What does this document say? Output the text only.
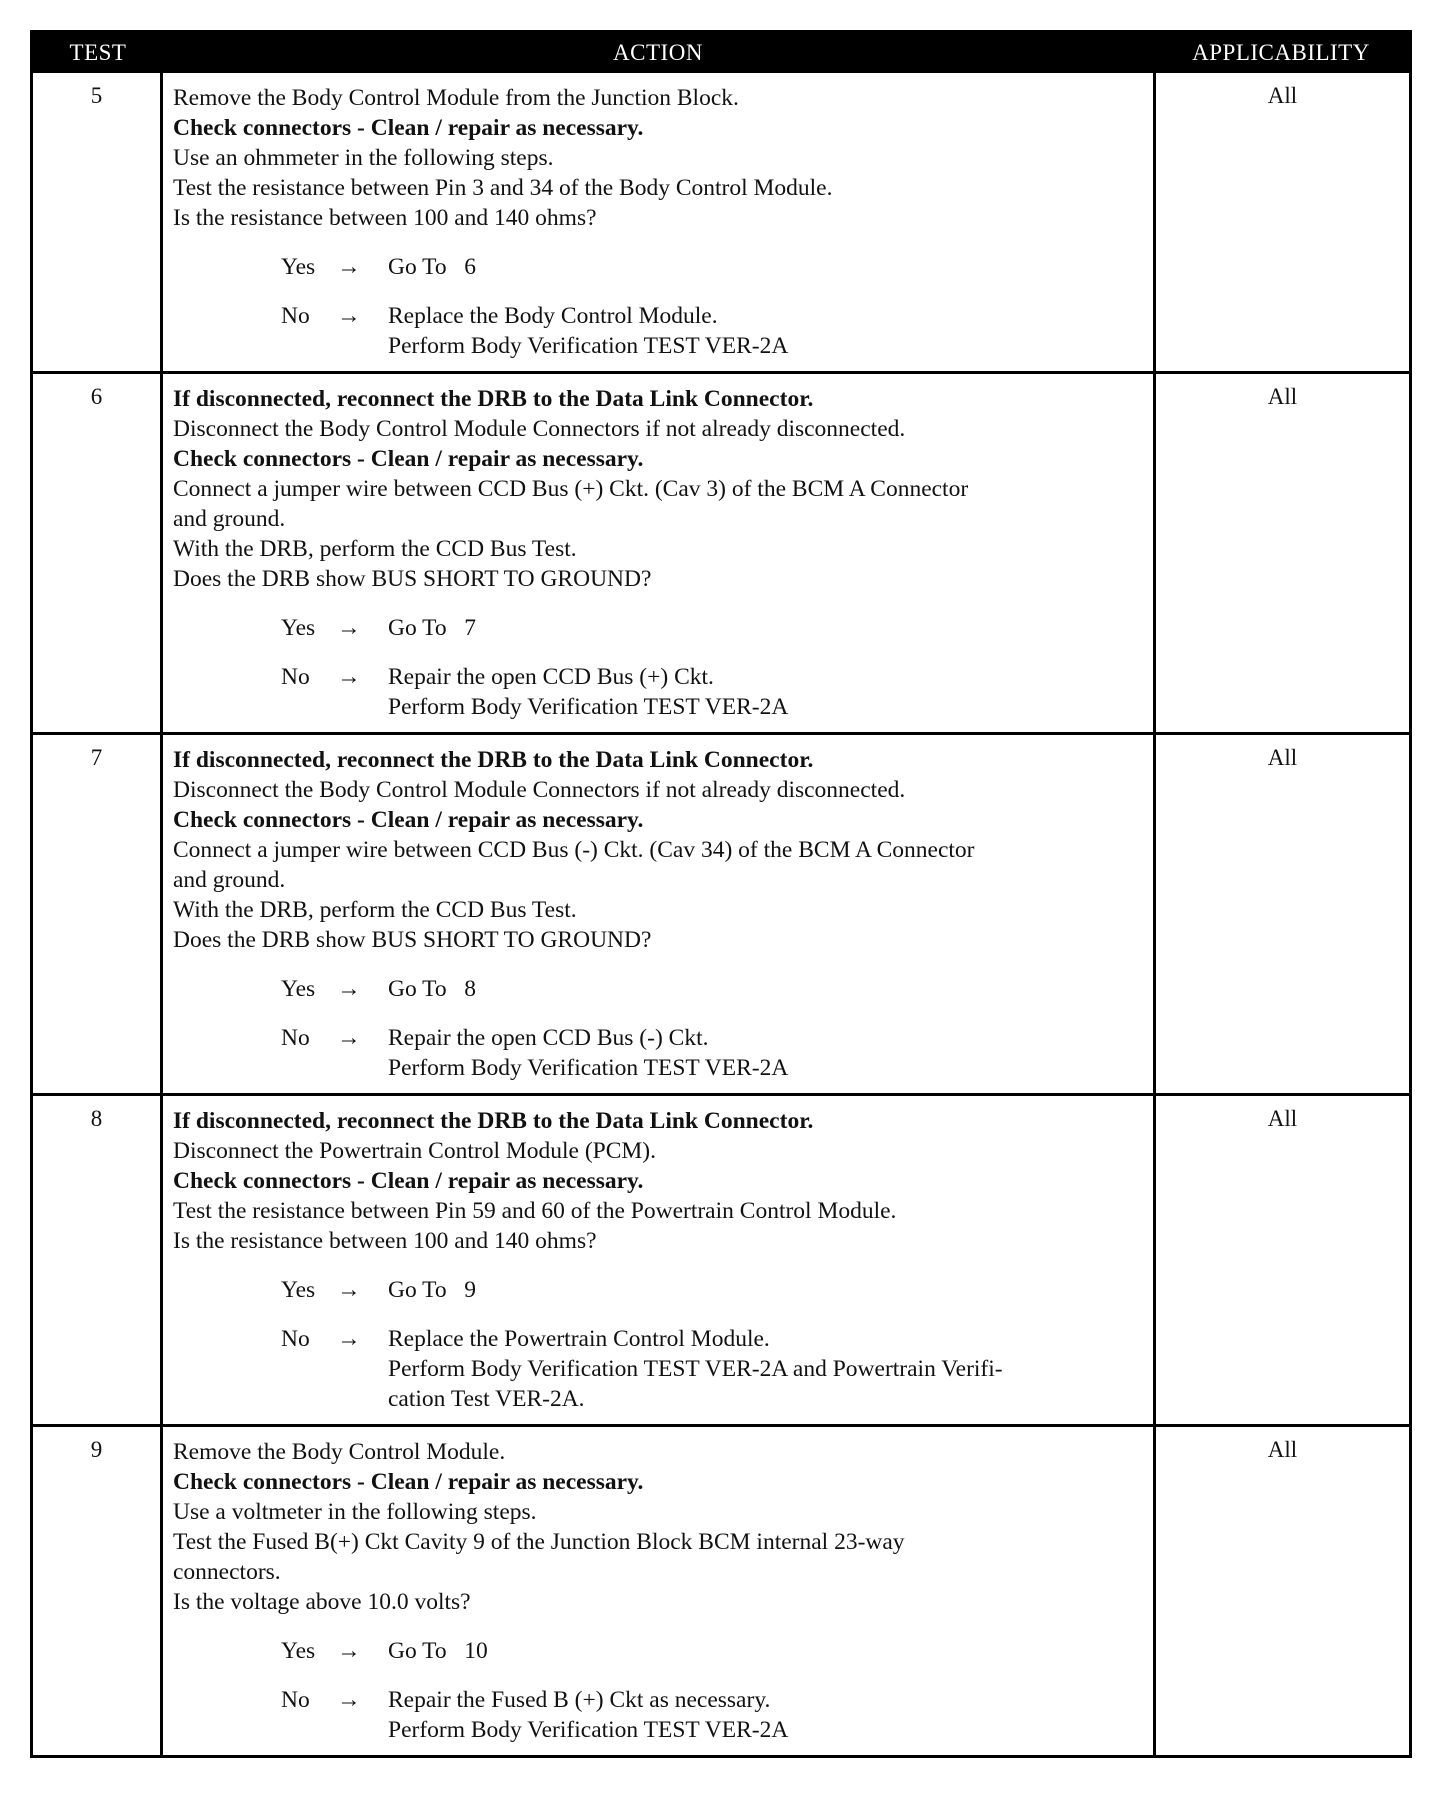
TEST	ACTION	APPLICABILITY
5	Remove the Body Control Module from the Junction Block.
Check connectors - Clean / repair as necessary.
Use an ohmmeter in the following steps.
Test the resistance between Pin 3 and 34 of the Body Control Module.
Is the resistance between 100 and 140 ohms?
Yes →	Go To   6
No	→	Replace the Body Control Module.
Perform Body Verification TEST VER-2A
All
6	If disconnected, reconnect the DRB to the Data Link Connector.
Disconnect the Body Control Module Connectors if not already disconnected.
Check connectors - Clean / repair as necessary.
Connect a jumper wire between CCD Bus (+) Ckt. (Cav 3) of the BCM A Connector
and ground.
With the DRB, perform the CCD Bus Test.
Does the DRB show BUS SHORT TO GROUND?
Yes →	Go To   7
No	→	Repair the open CCD Bus (+) Ckt.
Perform Body Verification TEST VER-2A
All
7	If disconnected, reconnect the DRB to the Data Link Connector.
Disconnect the Body Control Module Connectors if not already disconnected.
Check connectors - Clean / repair as necessary.
Connect a jumper wire between CCD Bus (-) Ckt. (Cav 34) of the BCM A Connector
and ground.
With the DRB, perform the CCD Bus Test.
Does the DRB show BUS SHORT TO GROUND?
Yes →	Go To   8
No	→	Repair the open CCD Bus (-) Ckt.
Perform Body Verification TEST VER-2A
All
8	If disconnected, reconnect the DRB to the Data Link Connector.
Disconnect the Powertrain Control Module (PCM).
Check connectors - Clean / repair as necessary.
Test the resistance between Pin 59 and 60 of the Powertrain Control Module.
Is the resistance between 100 and 140 ohms?
Yes →	Go To   9
No	→	Replace the Powertrain Control Module.
Perform Body Verification TEST VER-2A and Powertrain Verifi-
cation Test VER-2A.
All
9	Remove the Body Control Module.
Check connectors - Clean / repair as necessary.
Use a voltmeter in the following steps.
Test the Fused B(+) Ckt Cavity 9 of the Junction Block BCM internal 23-way
connectors.
Is the voltage above 10.0 volts?
Yes →	Go To   10
No	→	Repair the Fused B (+) Ckt as necessary.
Perform Body Verification TEST VER-2A
All
